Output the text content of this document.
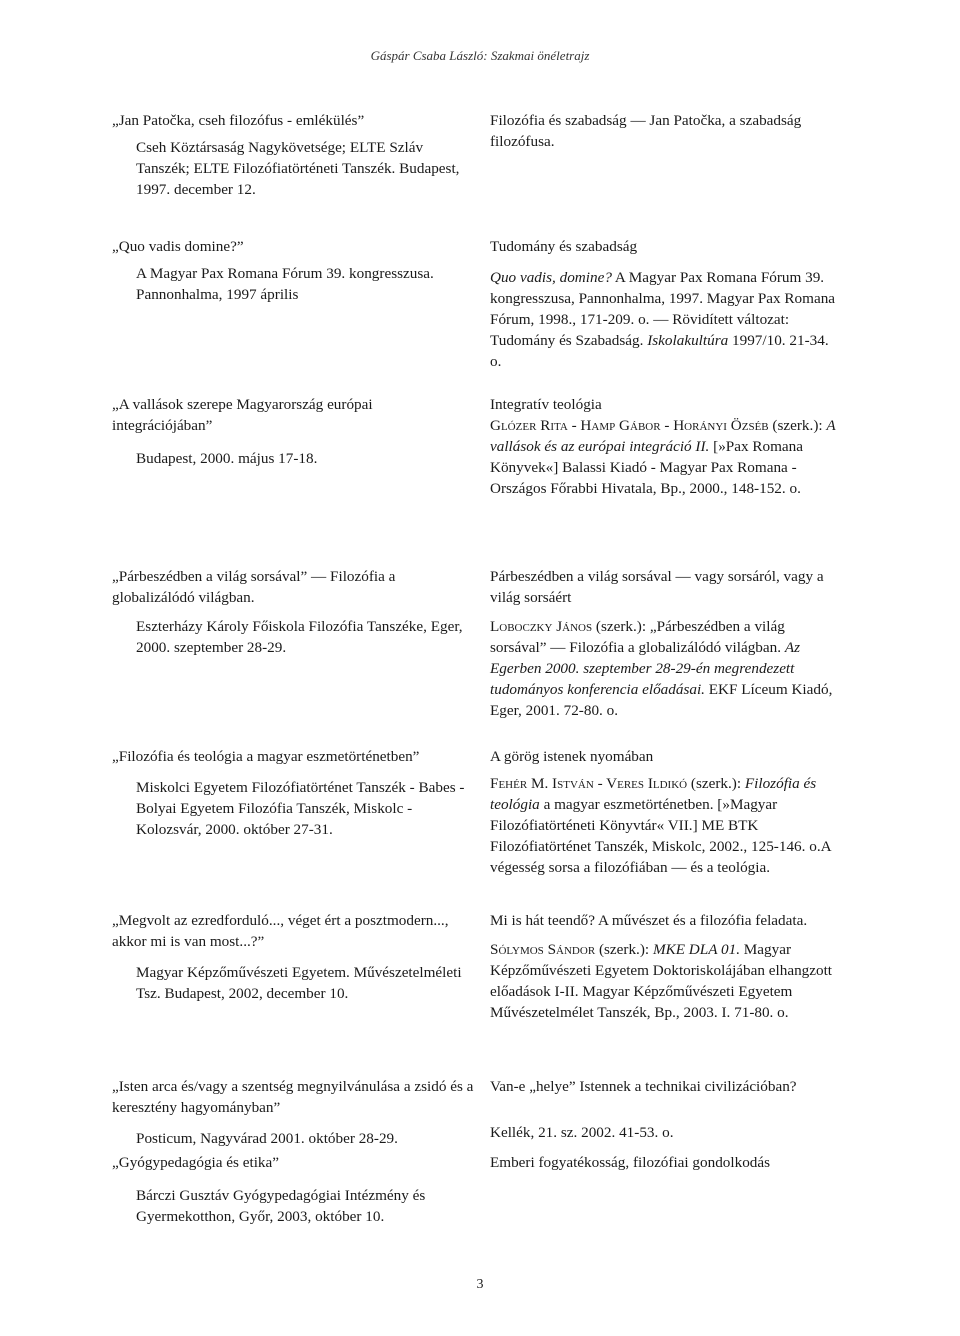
Gáspár Csaba László: Szakmai önéletrajz

„Jan Patočka, cseh filozófus - emlékülés”

Cseh Köztársaság Nagykövetsége; ELTE Szláv Tanszék; ELTE Filozófiatörténeti Tanszék. Budapest, 1997. december 12.

„Quo vadis domine?”

A Magyar Pax Romana Fórum 39. kongresszusa. Pannonhalma, 1997 április

„A vallások szerepe Magyarország európai integrációjában”

Budapest, 2000. május 17-18.

„Párbeszédben a világ sorsával” — Filozófia a globalizálódó világban.

Eszterházy Károly Főiskola Filozófia Tanszéke, Eger, 2000. szeptember 28-29.

„Filozófia és teológia a magyar eszmetörténetben”

Miskolci Egyetem Filozófiatörténet Tanszék - Babes - Bolyai Egyetem Filozófia Tanszék, Miskolc - Kolozsvár, 2000. október 27-31.

„Megvolt az ezredforduló..., véget ért a posztmodern..., akkor mi is van most...?”

Magyar Képzőművészeti Egyetem. Művészetelméleti Tsz. Budapest, 2002, december 10.

„Isten arca és/vagy a szentség megnyilvánulása a zsidó és a keresztény hagyományban”

Posticum, Nagyvárad 2001. október 28-29.

„Gyógypedagógia és etika”

Bárczi Gusztáv Gyógypedagógiai Intézmény és Gyermekotthon, Győr, 2003, október 10.

Filozófia és szabadság — Jan Patočka, a szabadság filozófusa.

Tudomány és szabadság

Quo vadis, domine? A Magyar Pax Romana Fórum 39. kongresszusa, Pannonhalma, 1997. Magyar Pax Romana Fórum, 1998., 171-209. o. — Rövidített változat: Tudomány és Szabadság. Iskolakultúra 1997/10. 21-34. o.

Integratív teológia

Glózer Rita - Hamp Gábor - Horányi Özséb (szerk.): A vallások és az európai integráció II. [»Pax Romana Könyvek«] Balassi Kiadó - Magyar Pax Romana - Országos Főrabbi Hivatala, Bp., 2000., 148-152. o.

Párbeszédben a világ sorsával — vagy sorsáról, vagy a világ sorsáért

Loboczky János (szerk.): „Párbeszédben a világ sorsával” — Filozófia a globalizálódó világban. Az Egerben 2000. szeptember 28-29-én megrendezett tudományos konferencia előadásai. EKF Líceum Kiadó, Eger, 2001. 72-80. o.

A görög istenek nyomában

Fehér M. István - Veres Ildikó (szerk.): Filozófia és teológia a magyar eszmetörténetben. [»Magyar Filozófiatörténeti Könyvtár« VII.] ME BTK Filozófiatörténet Tanszék, Miskolc, 2002., 125-146. o.A végesség sorsa a filozófiában — és a teológia.

Mi is hát teendő? A művészet és a filozófia feladata.

Sólymos Sándor (szerk.): MKE DLA 01. Magyar Képzőművészeti Egyetem Doktoriskolájában elhangzott előadások I-II. Magyar Képzőművészeti Egyetem Művészetelmélet Tanszék, Bp., 2003. I. 71-80. o.

Van-e „helye” Istennek a technikai civilizációban?

Kellék, 21. sz. 2002. 41-53. o.

Emberi fogyatékosság, filozófiai gondolkodás

3
